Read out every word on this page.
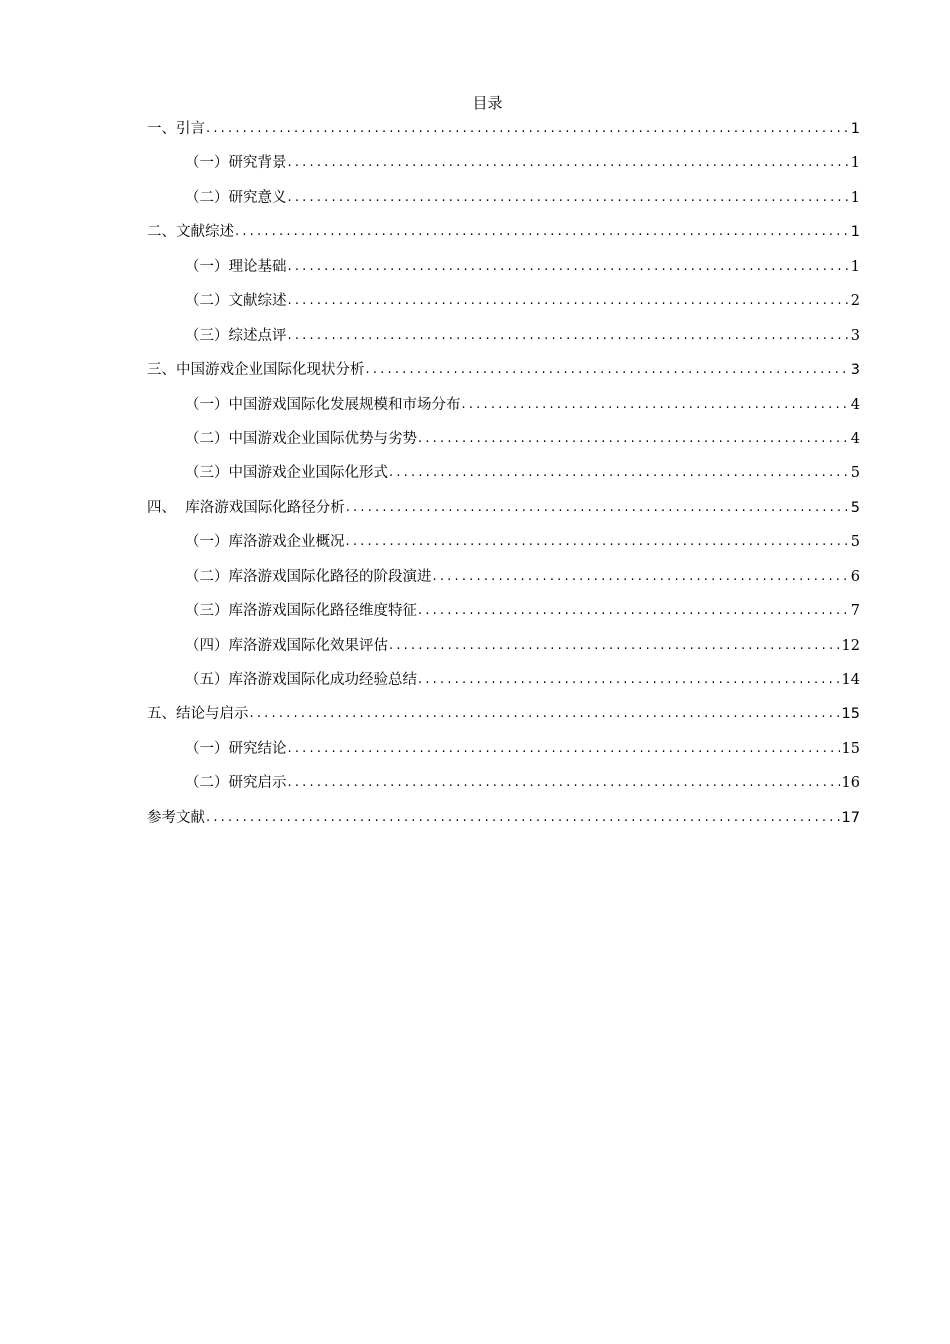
目录
一、引言 .....	1
（一）研究背景 .....	1
（二）研究意义 .....	1
二、文献综述 .....	1
（一）理论基础 .....	1
（二）文献综述 .....	2
（三）综述点评 .....	3
三、中国游戏企业国际化现状分析 .....	3
（一）中国游戏国际化发展规模和市场分布 .....	4
（二）中国游戏企业国际优势与劣势 .....	4
（三）中国游戏企业国际化形式 .....	5
四、  库洛游戏国际化路径分析 .....	5
（一）库洛游戏企业概况 .....	5
（二）库洛游戏国际化路径的阶段演进 .....	6
（三）库洛游戏国际化路径维度特征 .....	7
（四）库洛游戏国际化效果评估 .....	12
（五）库洛游戏国际化成功经验总结 .....	14
五、结论与启示 .....	15
（一）研究结论 .....	15
（二）研究启示 .....	16
参考文献 .....	17
